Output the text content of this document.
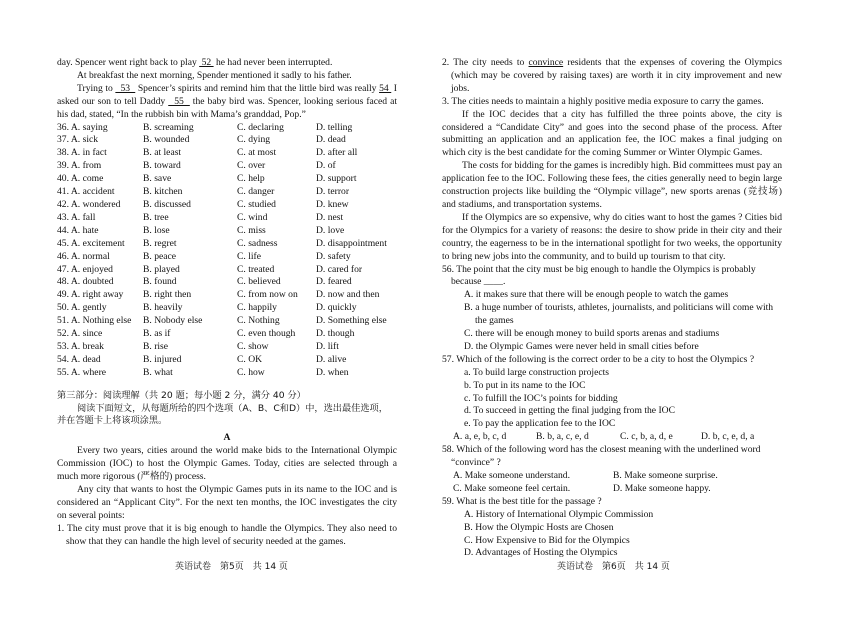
day. Spencer went right back to play  52  he had never been interrupted.

At breakfast the next morning, Spender mentioned it sadly to his father.

Trying to   53   Spencer’s spirits and remind him that the little bird was really 54  I asked our son to tell Daddy   55   the baby bird was. Spencer, looking serious faced at his dad, stated, “In the rubbish bin with Mama’s granddad, Pop.”

36. A. saying	B. screaming	C. declaring	D. telling
37. A. sick	B. wounded	C. dying	D. dead
38. A. in fact	B. at least	C. at most	D. after all
39. A. from	B. toward	C. over	D. of
40. A. come	B. save	C. help	D. support
41. A. accident	B. kitchen	C. danger	D. terror
42. A. wondered	B. discussed	C. studied	D. knew
43. A. fall	B. tree	C. wind	D. nest
44. A. hate	B. lose	C. miss	D. love
45. A. excitement	B. regret	C. sadness	D. disappointment
46. A. normal	B. peace	C. life	D. safety
47. A. enjoyed	B. played	C. treated	D. cared for
48. A. doubted	B. found	C. believed	D. feared
49. A. right away	B. right then	C. from now on	D. now and then
50. A. gently	B. heavily	C. happily	D. quickly
51. A. Nothing else	B. Nobody else	C. Nothing	D. Something else
52. A. since	B. as if	C. even though	D. though
53. A. break	B. rise	C. show	D. lift
54. A. dead	B. injured	C. OK	D. alive
55. A. where	B. what	C. how	D. when

第三部分：阅读理解（共 20 题；每小题 2 分，满分 40 分）

阅读下面短文，从每题所给的四个选项（A、B、C和D）中，选出最佳选项，并在答题卡上将该项涂黑。

A

Every two years, cities around the world make bids to the International Olympic Commission (IOC) to host the Olympic Games. Today, cities are selected through a much more rigorous (严格的) process.

Any city that wants to host the Olympic Games puts in its name to the IOC and is considered an “Applicant City”. For the next ten months, the IOC investigates the city on several points:

1. The city must prove that it is big enough to handle the Olympics. They also need to show that they can handle the high level of security needed at the games.

英语试卷　第5页　共 14 页

2. The city needs to convince residents that the expenses of covering the Olympics (which may be covered by raising taxes) are worth it in city improvement and new jobs.

3. The cities needs to maintain a highly positive media exposure to carry the games.

If the IOC decides that a city has fulfilled the three points above, the city is considered a “Candidate City” and goes into the second phase of the process. After submitting an application and an application fee, the IOC makes a final judging on which city is the best candidate for the coming Summer or Winter Olympic Games.

The costs for bidding for the games is incredibly high. Bid committees must pay an application fee to the IOC. Following these fees, the cities generally need to begin large construction projects like building the “Olympic village”, new sports arenas (竞技场) and stadiums, and transportation systems.

If the Olympics are so expensive, why do cities want to host the games ? Cities bid for the Olympics for a variety of reasons: the desire to show pride in their city and their country, the eagerness to be in the international spotlight for two weeks, the opportunity to bring new jobs into the community, and to build up tourism to that city.

56. The point that the city must be big enough to handle the Olympics is probably because ____.

A. it makes sure that there will be enough people to watch the games

B. a huge number of tourists, athletes, journalists, and politicians will come with the games

C. there will be enough money to build sports arenas and stadiums

D. the Olympic Games were never held in small cities before

57. Which of the following is the correct order to be a city to host the Olympics ?

a. To build large construction projects

b. To put in its name to the IOC

c. To fulfill the IOC’s points for bidding

d. To succeed in getting the final judging from the IOC

e. To pay the application fee to the IOC

A. a, e, b, c, d	B. b, a, c, e, d	C. c, b, a, d, e	D. b, c, e, d, a

58. Which of the following word has the closest meaning with the underlined word “convince” ?

A. Make someone understand.	B. Make someone surprise.
C. Make someone feel certain.	D. Make someone happy.

59. What is the best title for the passage ?

A. History of International Olympic Commission

B. How the Olympic Hosts are Chosen

C. How Expensive to Bid for the Olympics

D. Advantages of Hosting the Olympics

英语试卷　第6页　共 14 页
